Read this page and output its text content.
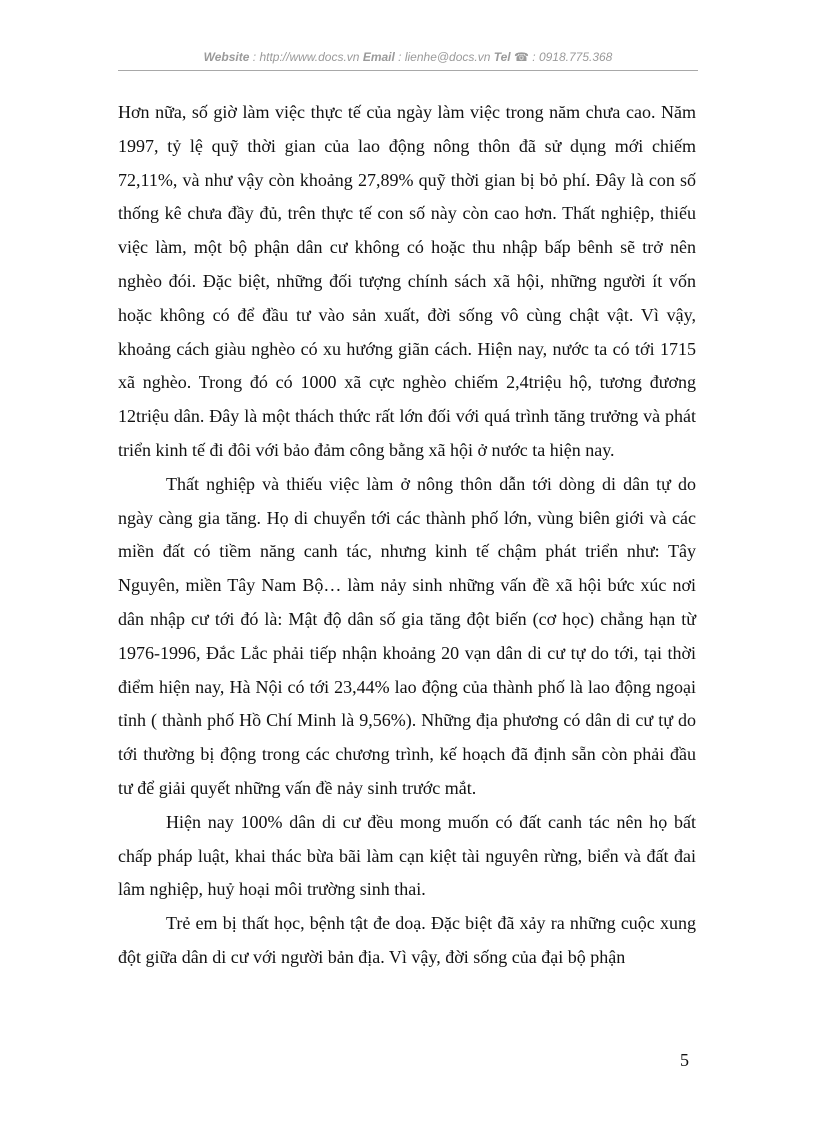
Website : http://www.docs.vn Email : lienhe@docs.vn Tel ☎ : 0918.775.368

Hơn nữa, số giờ làm việc thực tế của ngày làm việc trong năm chưa cao. Năm 1997, tỷ lệ quỹ thời gian của lao động nông thôn đã sử dụng mới chiếm 72,11%, và như vậy còn khoảng 27,89% quỹ thời gian bị bỏ phí. Đây là con số thống kê chưa đầy đủ, trên thực tế con số này còn cao hơn. Thất nghiệp, thiếu việc làm, một bộ phận dân cư không có hoặc thu nhập bấp bênh sẽ trở nên nghèo đói. Đặc biệt, những đối tượng chính sách xã hội, những người ít vốn hoặc không có để đầu tư vào sản xuất, đời sống vô cùng chật vật. Vì vậy, khoảng cách giàu nghèo có xu hướng giãn cách. Hiện nay, nước ta có tới 1715 xã nghèo. Trong đó có 1000 xã cực nghèo chiếm 2,4triệu hộ, tương đương 12triệu dân. Đây là một thách thức rất lớn đối với quá trình tăng trưởng và phát triển kinh tế đi đôi với bảo đảm công bằng xã hội ở nước ta hiện nay.

Thất nghiệp và thiếu việc làm ở nông thôn dẫn tới dòng di dân tự do ngày càng gia tăng. Họ di chuyển tới các thành phố lớn, vùng biên giới và các miền đất có tiềm năng canh tác, nhưng kinh tế chậm phát triển như: Tây Nguyên, miền Tây Nam Bộ… làm nảy sinh những vấn đề xã hội bức xúc nơi dân nhập cư tới đó là: Mật độ dân số gia tăng đột biến (cơ học) chẳng hạn từ 1976-1996, Đắc Lắc phải tiếp nhận khoảng 20 vạn dân di cư tự do tới, tại thời điểm hiện nay, Hà Nội có tới 23,44% lao động của thành phố là lao động ngoại tỉnh ( thành phố Hồ Chí Minh là 9,56%). Những địa phương có dân di cư tự do tới thường bị động trong các chương trình, kế hoạch đã định sẵn còn phải đầu tư để giải quyết những vấn đề nảy sinh trước mắt.

Hiện nay 100% dân di cư đều mong muốn có đất canh tác nên họ bất chấp pháp luật, khai thác bừa bãi làm cạn kiệt tài nguyên rừng, biển và đất đai lâm nghiệp, huỷ hoại môi trường sinh thai.

Trẻ em bị thất học, bệnh tật đe doạ. Đặc biệt đã xảy ra những cuộc xung đột giữa dân di cư với người bản địa. Vì vậy, đời sống của đại bộ phận

5
